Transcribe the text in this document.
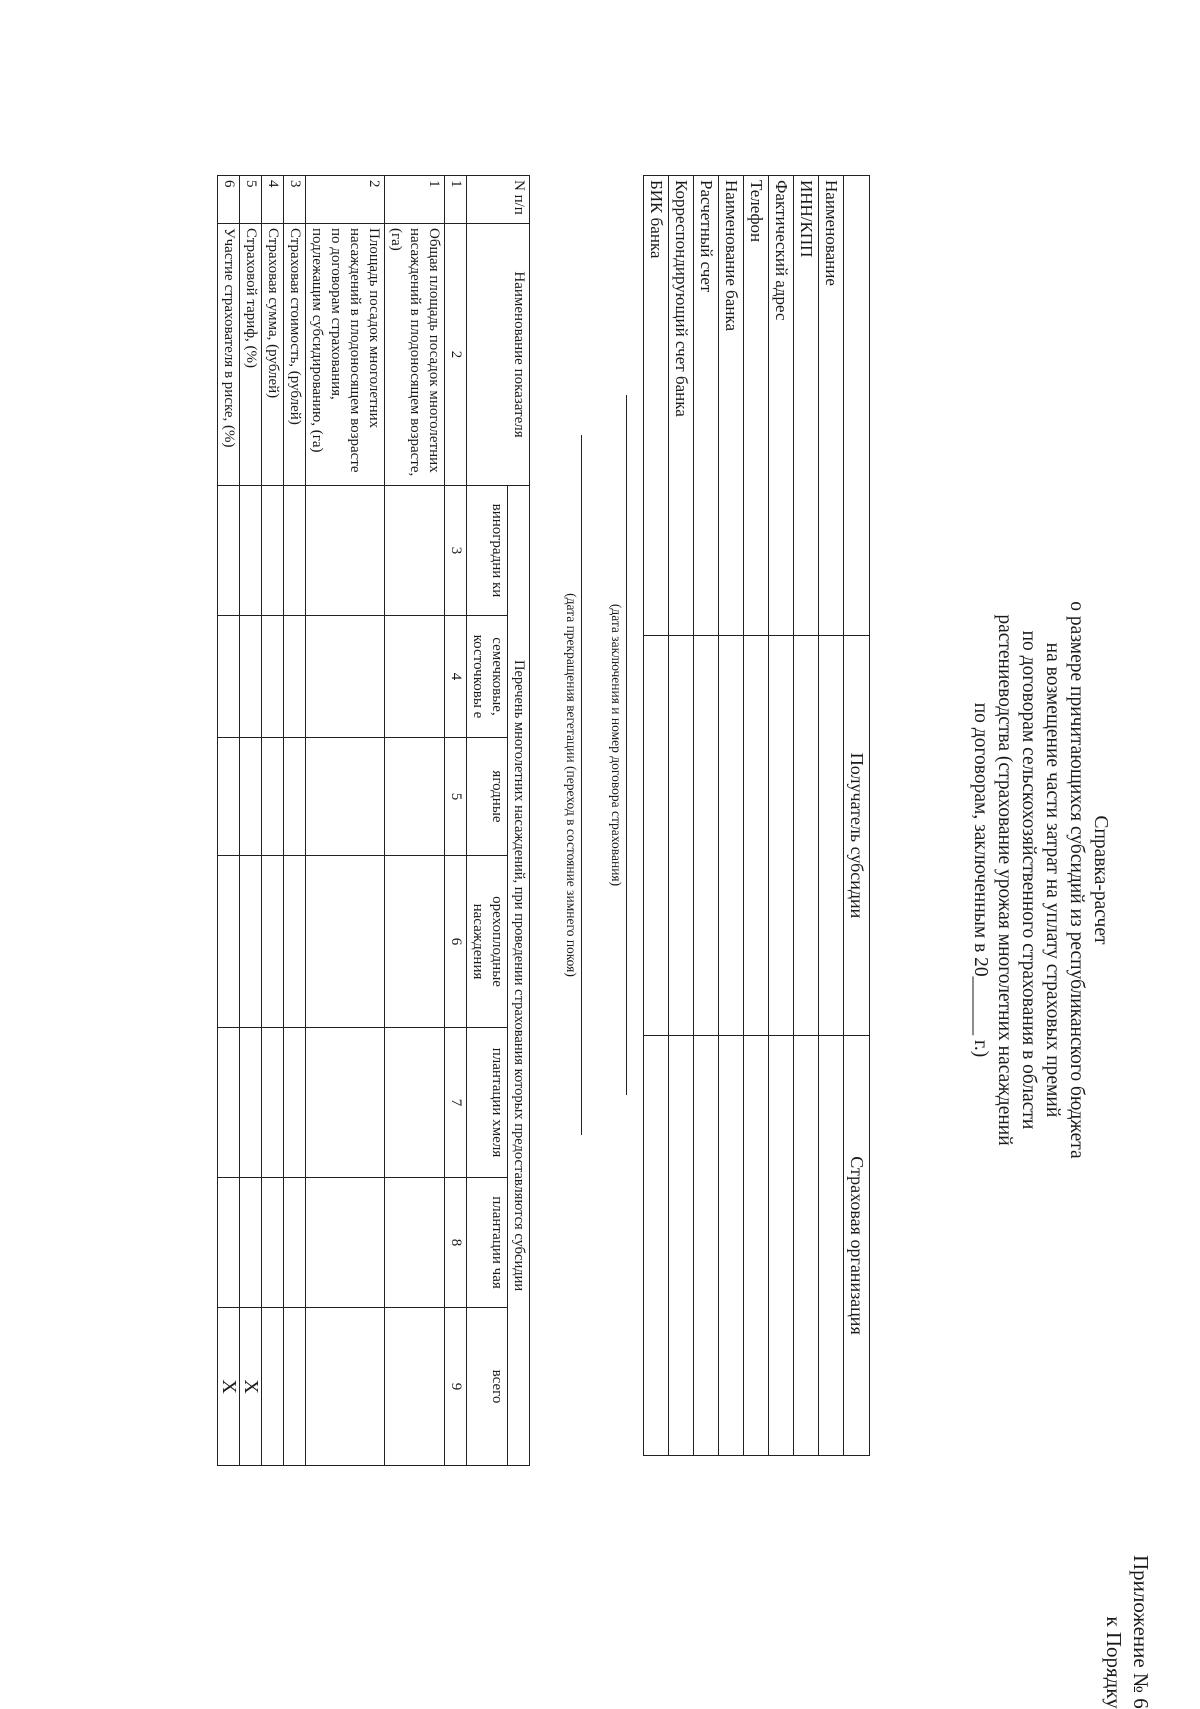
Приложение № 6
к Порядку
Справка-расчет
о размере причитающихся субсидий из республиканского бюджета
на возмещение части затрат на уплату страховых премий
по договорам сельскохозяйственного страхования в области
растениеводства (страхование урожая многолетних насаждений
по договорам, заключенным в 20______ г.)
	Получатель субсидии	Страховая организация
Наименование		
ИНН/КПП		
Фактический адрес		
Телефон		
Наименование банка		
Расчетный счет		
Корреспондирующий счет банка		
БИК банка		
(дата заключения и номер договора страхования)
(дата прекращения вегетации (переход в состояние зимнего покоя)
N п/п	Наименование показателя	Перечень многолетних насаждений, при проведении страхования которых предоставляются субсидии						
		виноградни ки	семечковые, косточковы е	ягодные	орехоплодные насаждения	плантации хмеля	плантации чая	всего
1	2	3	4	5	6	7	8	9
1	Общая площадь посадок многолетних насаждений в плодоносящем возрасте, (га)							
2	Площадь посадок многолетних насаждений в плодоносящем возрасте по договорам страхования, подлежащим субсидированию, (га)							
3	Страховая стоимость, (рублей)							
4	Страховая сумма, (рублей)							
5	Страховой тариф, (%)							X
6	Участие страхователя в риске, (%)							X
